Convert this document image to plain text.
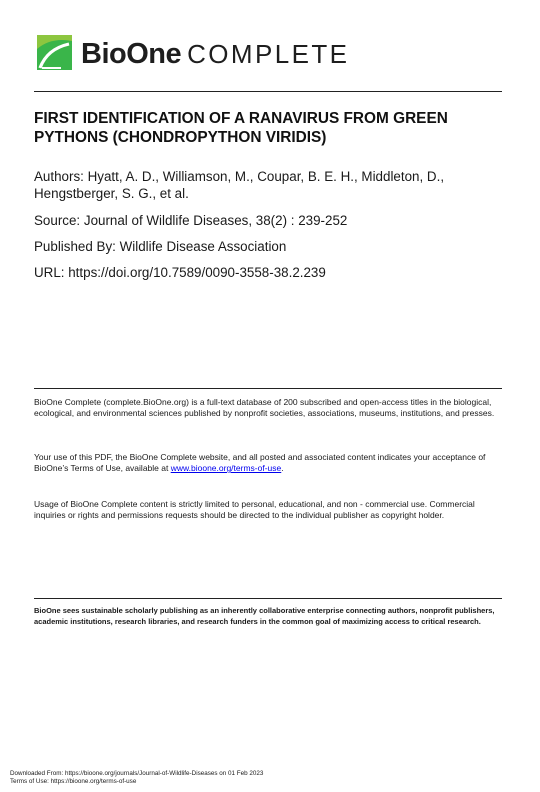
BioOne COMPLETE
FIRST IDENTIFICATION OF A RANAVIRUS FROM GREEN PYTHONS (CHONDROPYTHON VIRIDIS)
Authors: Hyatt, A. D., Williamson, M., Coupar, B. E. H., Middleton, D., Hengstberger, S. G., et al.
Source: Journal of Wildlife Diseases, 38(2) : 239-252
Published By: Wildlife Disease Association
URL: https://doi.org/10.7589/0090-3558-38.2.239
BioOne Complete (complete.BioOne.org) is a full-text database of 200 subscribed and open-access titles in the biological, ecological, and environmental sciences published by nonprofit societies, associations, museums, institutions, and presses.
Your use of this PDF, the BioOne Complete website, and all posted and associated content indicates your acceptance of BioOne’s Terms of Use, available at www.bioone.org/terms-of-use.
Usage of BioOne Complete content is strictly limited to personal, educational, and non - commercial use. Commercial inquiries or rights and permissions requests should be directed to the individual publisher as copyright holder.
BioOne sees sustainable scholarly publishing as an inherently collaborative enterprise connecting authors, nonprofit publishers, academic institutions, research libraries, and research funders in the common goal of maximizing access to critical research.
Downloaded From: https://bioone.org/journals/Journal-of-Wildlife-Diseases on 01 Feb 2023
Terms of Use: https://bioone.org/terms-of-use
